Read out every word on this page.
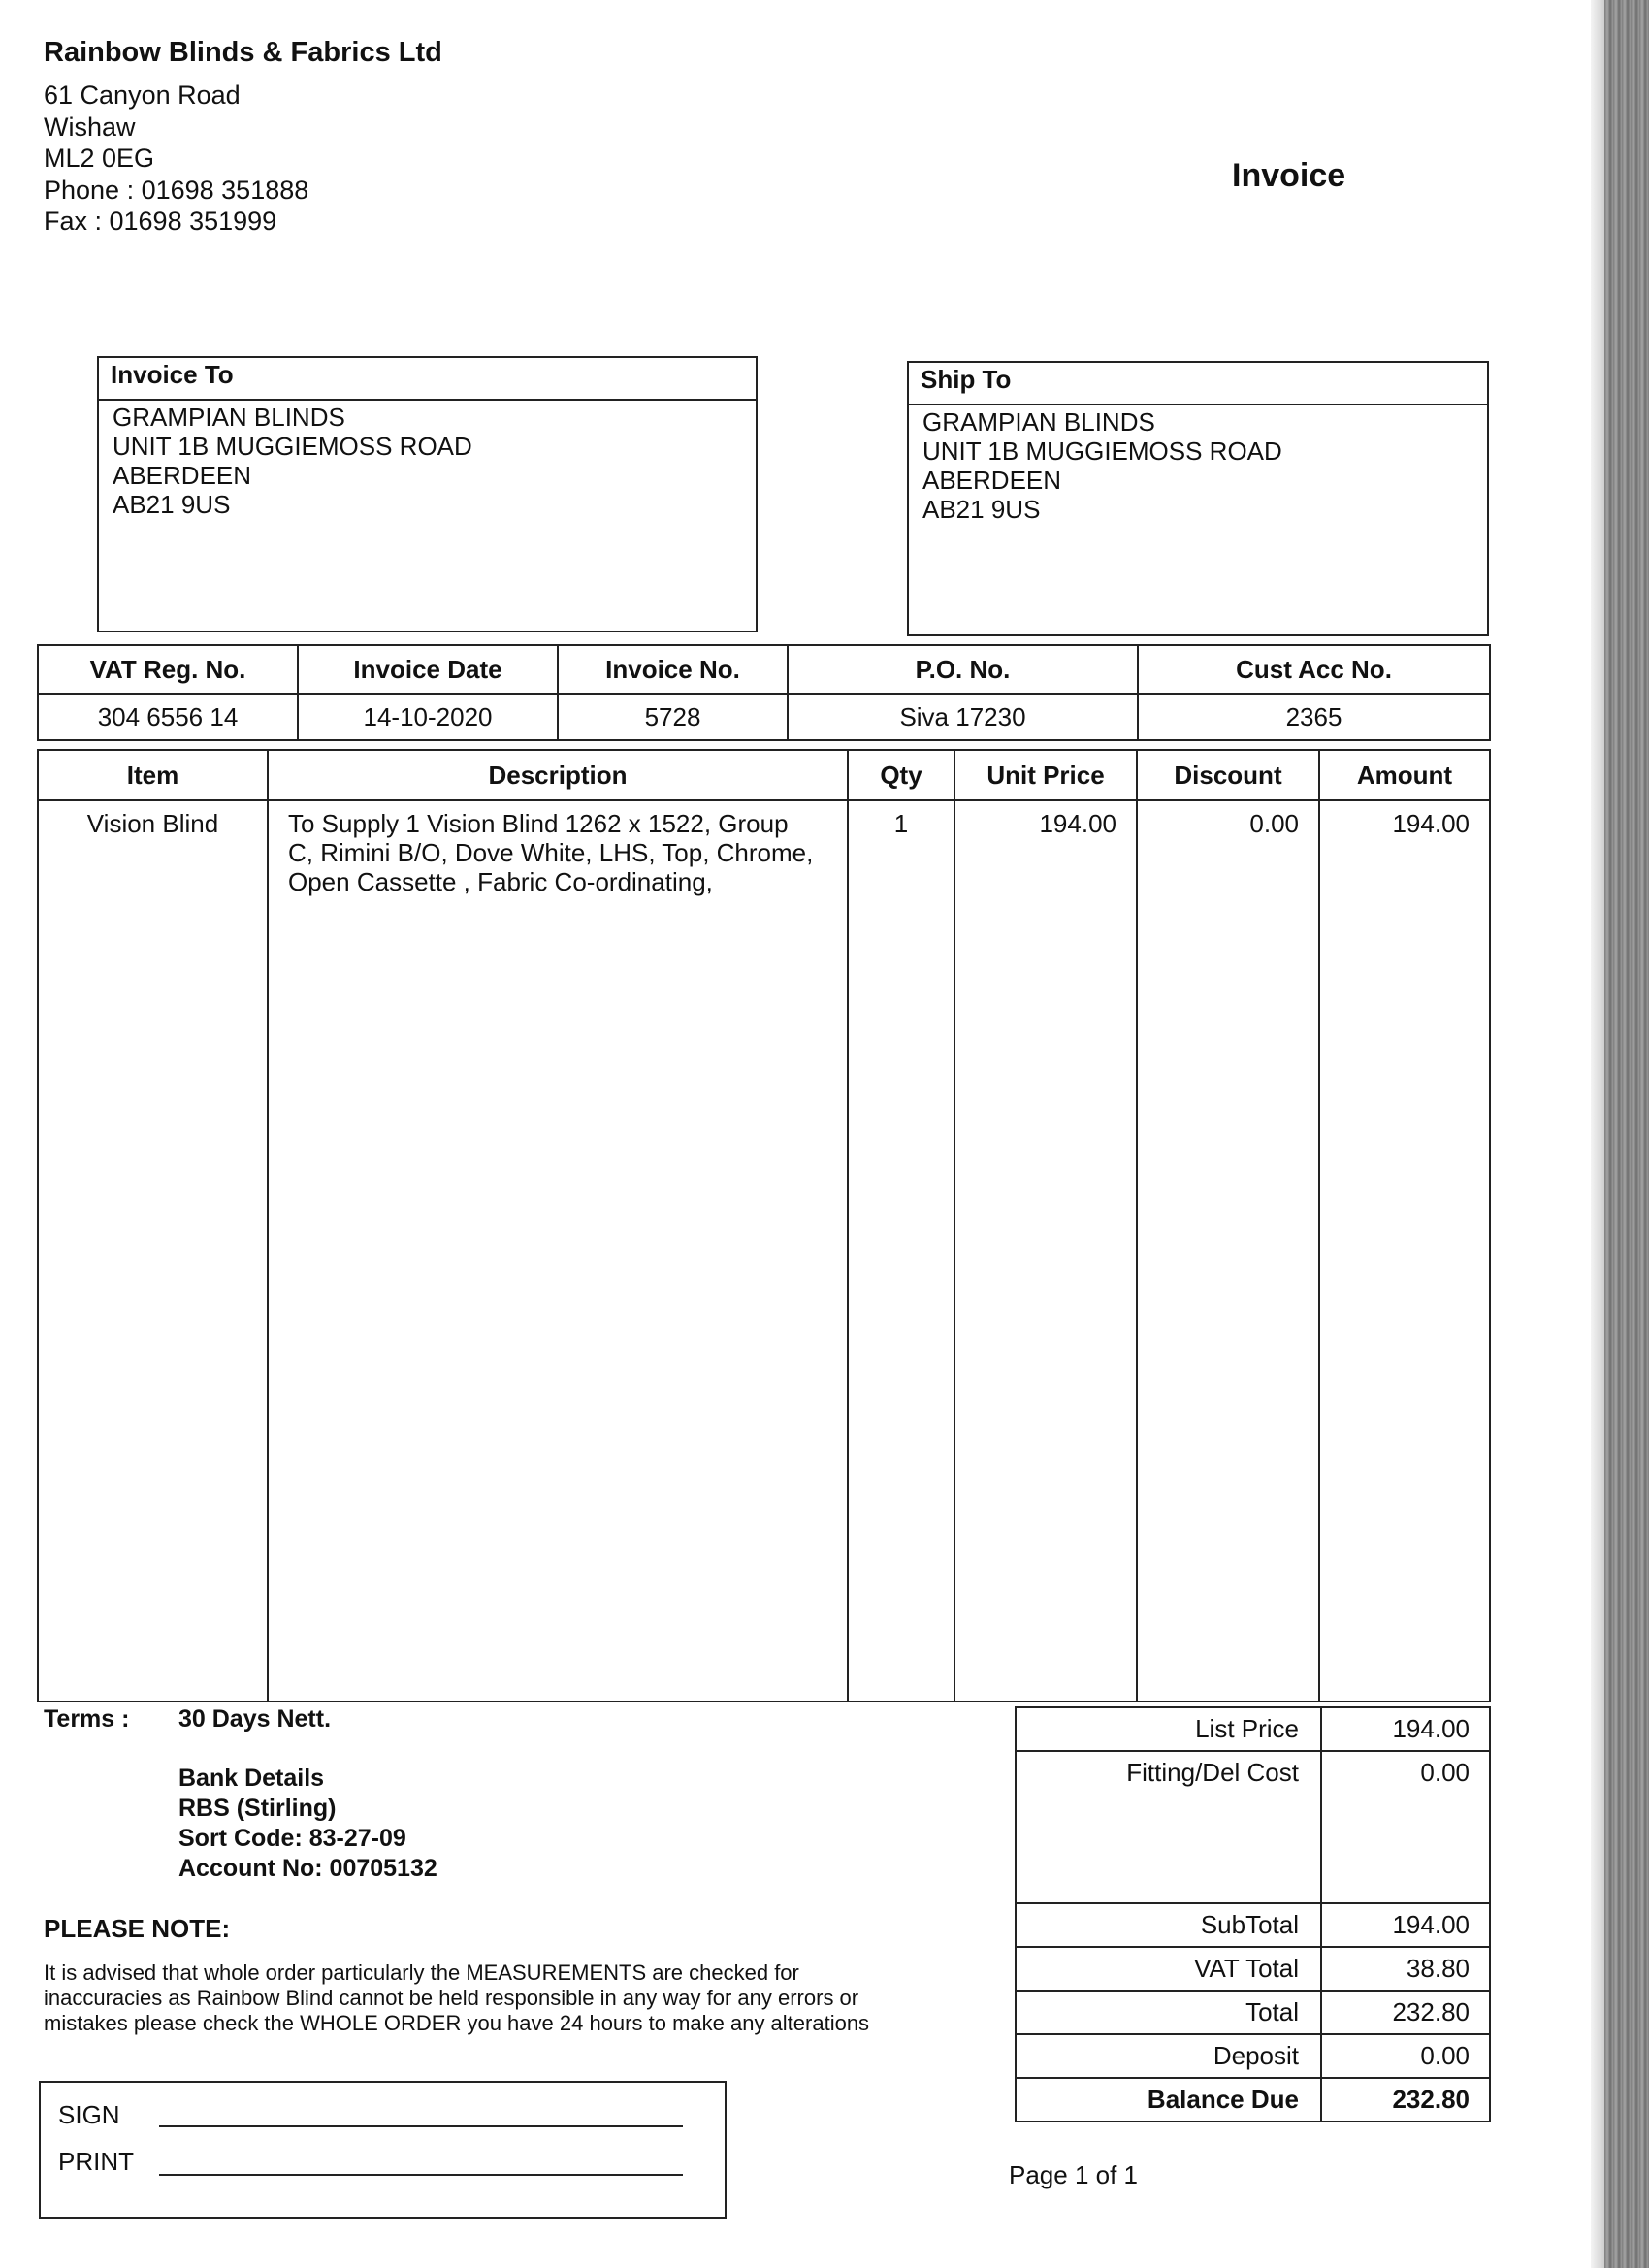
Rainbow Blinds & Fabrics Ltd
61 Canyon Road
Wishaw
ML2 0EG
Phone : 01698 351888
Fax : 01698 351999
Invoice
Invoice To
GRAMPIAN BLINDS
UNIT 1B MUGGIEMOSS ROAD
ABERDEEN
AB21 9US
Ship To
GRAMPIAN BLINDS
UNIT 1B MUGGIEMOSS ROAD
ABERDEEN
AB21 9US
VAT Reg. No.	Invoice Date	Invoice No.	P.O. No.	Cust Acc No.
304 6556 14	14-10-2020	5728	Siva 17230	2365
Item	Description	Qty	Unit Price	Discount	Amount
Vision Blind	To Supply 1 Vision Blind 1262 x 1522, Group
C, Rimini B/O, Dove White, LHS, Top, Chrome,
Open Cassette , Fabric Co-ordinating,	1	194.00	0.00	194.00
Terms : 30 Days Nett.
Bank Details
RBS (Stirling)
Sort Code: 83-27-09
Account No: 00705132
PLEASE NOTE:
It is advised that whole order particularly the MEASUREMENTS are checked for
inaccuracies as Rainbow Blind cannot be held responsible in any way for any errors or
mistakes please check the WHOLE ORDER you have 24 hours to make any alterations
SIGN
PRINT
List Price	194.00
Fitting/Del Cost	0.00
SubTotal	194.00
VAT Total	38.80
Total	232.80
Deposit	0.00
Balance Due	232.80
Page 1 of 1
